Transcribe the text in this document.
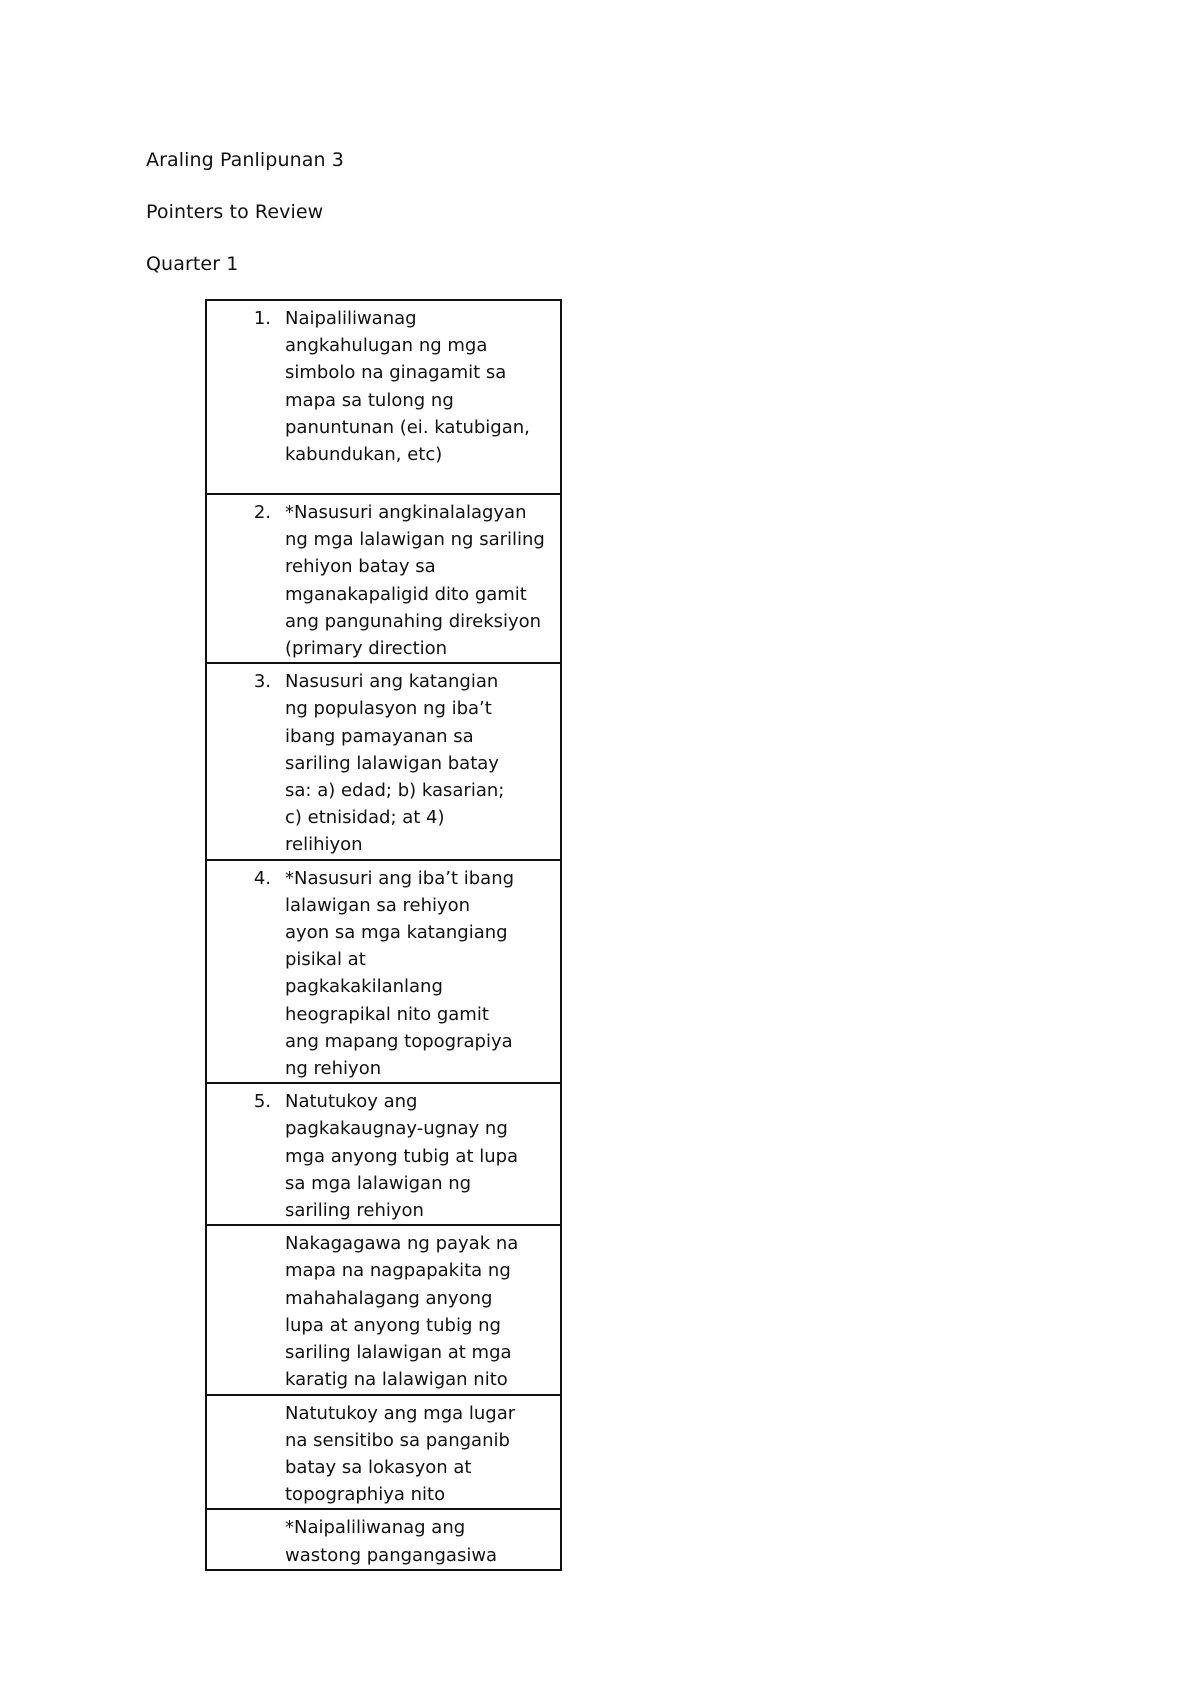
Araling Panlipunan 3
Pointers to Review
Quarter 1
1. Naipaliliwanag
angkahulugan ng mga
simbolo na ginagamit sa
mapa sa tulong ng
panuntunan (ei. katubigan,
kabundukan, etc)

2. *Nasusuri angkinalalagyan
ng mga lalawigan ng sariling
rehiyon batay sa
mganakapaligid dito gamit
ang pangunahing direksiyon
(primary direction

3. Nasusuri ang katangian
ng populasyon ng iba’t
ibang pamayanan sa
sariling lalawigan batay
sa: a) edad; b) kasarian;
c) etnisidad; at 4)
relihiyon

4. *Nasusuri ang iba’t ibang
lalawigan sa rehiyon
ayon sa mga katangiang
pisikal at
pagkakakilanlang
heograpikal nito gamit
ang mapang topograpiya
ng rehiyon

5. Natutukoy ang
pagkakaugnay-ugnay ng
mga anyong tubig at lupa
sa mga lalawigan ng
sariling rehiyon

Nakagagawa ng payak na
mapa na nagpapakita ng
mahahalagang anyong
lupa at anyong tubig ng
sariling lalawigan at mga
karatig na lalawigan nito

Natutukoy ang mga lugar
na sensitibo sa panganib
batay sa lokasyon at
topographiya nito

*Naipaliliwanag ang
wastong pangangasiwa
